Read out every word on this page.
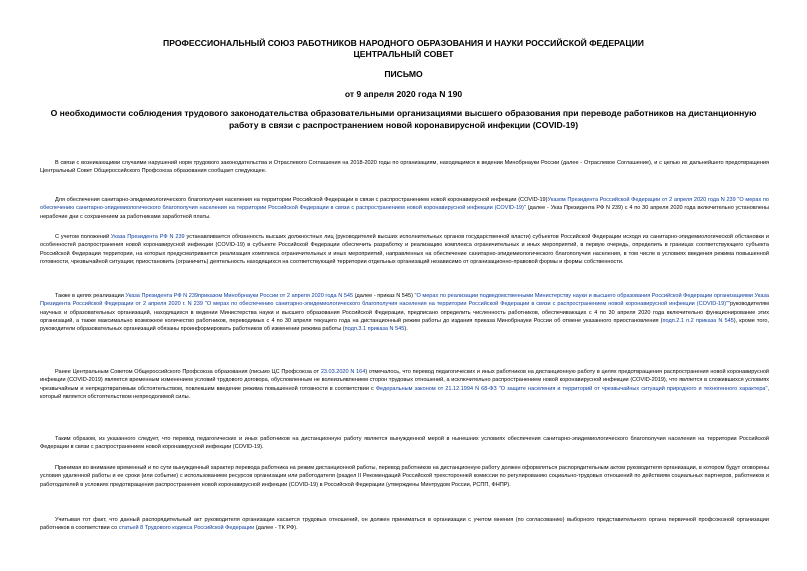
ПРОФЕССИОНАЛЬНЫЙ СОЮЗ РАБОТНИКОВ НАРОДНОГО ОБРАЗОВАНИЯ И НАУКИ РОССИЙСКОЙ ФЕДЕРАЦИИ
ЦЕНТРАЛЬНЫЙ СОВЕТ
ПИСЬМО
от 9 апреля 2020 года N 190
О необходимости соблюдения трудового законодательства образовательными организациями высшего образования при переводе работников на дистанционную работу в связи с распространением новой коронавирусной инфекции (COVID-19)

В связи с возникающими случаями нарушений норм трудового законодательства и Отраслевого Соглашения на 2018-2020 годы по организациям, находящимся в ведении Минобрнауки России (далее - Отраслевое Соглашение), и с целью их дальнейшего предотвращения Центральный Совет Общероссийского Профсоюза образования сообщает следующее.

Для обеспечения санитарно-эпидемиологического благополучия населения на территории Российской Федерации в связи с распространением новой коронавирусной инфекции (COVID-19)Указом Президента Российской Федерации от 2 апреля 2020 года N 239 "О мерах по обеспечению санитарно-эпидемиологического благополучия населения на территории Российской Федерации в связи с распространением новой коронавирусной инфекции (COVID-19)" (далее - Указ Президента РФ N 239) с 4 по 30 апреля 2020 года включительно установлены нерабочие дни с сохранением за работниками заработной платы.

С учетом положений Указа Президента РФ N 239 устанавливается обязанность высших должностных лиц (руководителей высших исполнительных органов государственной власти) субъектов Российской Федерации исходя из санитарно-эпидемиологической обстановки и особенностей распространения новой коронавирусной инфекции (COVID-19) в субъекте Российской Федерации обеспечить разработку и реализацию комплекса ограничительных и иных мероприятий, в первую очередь, определить в границах соответствующего субъекта Российской Федерации территории, на которых предусматривается реализация комплекса ограничительных и иных мероприятий, направленных на обеспечение санитарно-эпидемиологического благополучия населения, в том числе в условиях введения режима повышенной готовности, чрезвычайной ситуации; приостановить (ограничить) деятельность находящихся на соответствующей территории отдельных организаций независимо от организационно-правовой формы и формы собственности.

Также в целях реализации Указа Президента РФ N 239приказом Минобрнауки России от 2 апреля 2020 года N 545 (далее - приказ N 545) "О мерах по реализации подведомственными Министерству науки и высшего образования Российской Федерации организациями Указа Президента Российской Федерации от 2 апреля 2020 г. N 239 "О мерах по обеспечению санитарно-эпидемиологического благополучия населения на территории Российской Федерации в связи с распространением новой коронавирусной инфекции (COVID-19)""руководителям научных и образовательных организаций, находящихся в ведении Министерства науки и высшего образования Российской Федерации, предписано определить численность работников, обеспечивающих с 4 по 30 апреля 2020 года включительно функционирование этих организаций, а также максимально возможное количество работников, переводимых с 4 по 30 апреля текущего года на дистанционный режим работы до издания приказа Минобрнауки России об отмене указанного приостановления (подп.2.1 п.2 приказа N 545), кроме того, руководители образовательных организаций обязаны проинформировать работников об изменении режима работы (подп.3.1 приказа N 545).

Ранее Центральным Советом Общероссийского Профсоюза образования (письмо ЦС Профсоюза от 23.03.2020 N 164) отмечалось, что перевод педагогических и иных работников на дистанционную работу в целях предотвращения распространения новой коронавирусной инфекции (COVID-2019) является временным изменением условий трудового договора, обусловленным не волеизъявлением сторон трудовых отношений, а исключительно распространением новой коронавирусной инфекции (COVID-2019), что является в сложившихся условиях чрезвычайным и непредотвратимым обстоятельством, повлекшим введение режима повышенной готовности в соответствии с Федеральным законом от 21.12.1994 N 68-ФЗ "О защите населения и территорий от чрезвычайных ситуаций природного и техногенного характера", который является обстоятельством непреодолимой силы.

Таким образом, из указанного следует, что перевод педагогических и иных работников на дистанционную работу является вынужденной мерой в нынешних условиях обеспечения санитарно-эпидемиологического благополучия населения на территории Российской Федерации в связи с распространением новой коронавирусной инфекции (COVID-19).

Принимая во внимание временный и по сути вынужденный характер перевода работника на режим дистанционной работы, перевод работников на дистанционную работу должен оформляться распорядительным актом руководителя организации, в котором будут оговорены условия удаленной работы и ее сроки (или событие) с использованием ресурсов организации или работодателя (раздел II Рекомендаций Российской трехсторонней комиссии по регулированию социально-трудовых отношений по действиям социальных партнеров, работников и работодателей в условиях предотвращения распространения новой коронавирусной инфекции (COVID-19) в Российской Федерации (утверждены Минтрудом России, РСПП, ФНПР).

Учитывая тот факт, что данный распорядительный акт руководителя организации касается трудовых отношений, он должен приниматься в организации с учетом мнения (по согласованию) выборного представительного органа первичной профсоюзной организации работников в соответствии со статьей 8 Трудового кодекса Российской Федерации (далее - ТК РФ).
